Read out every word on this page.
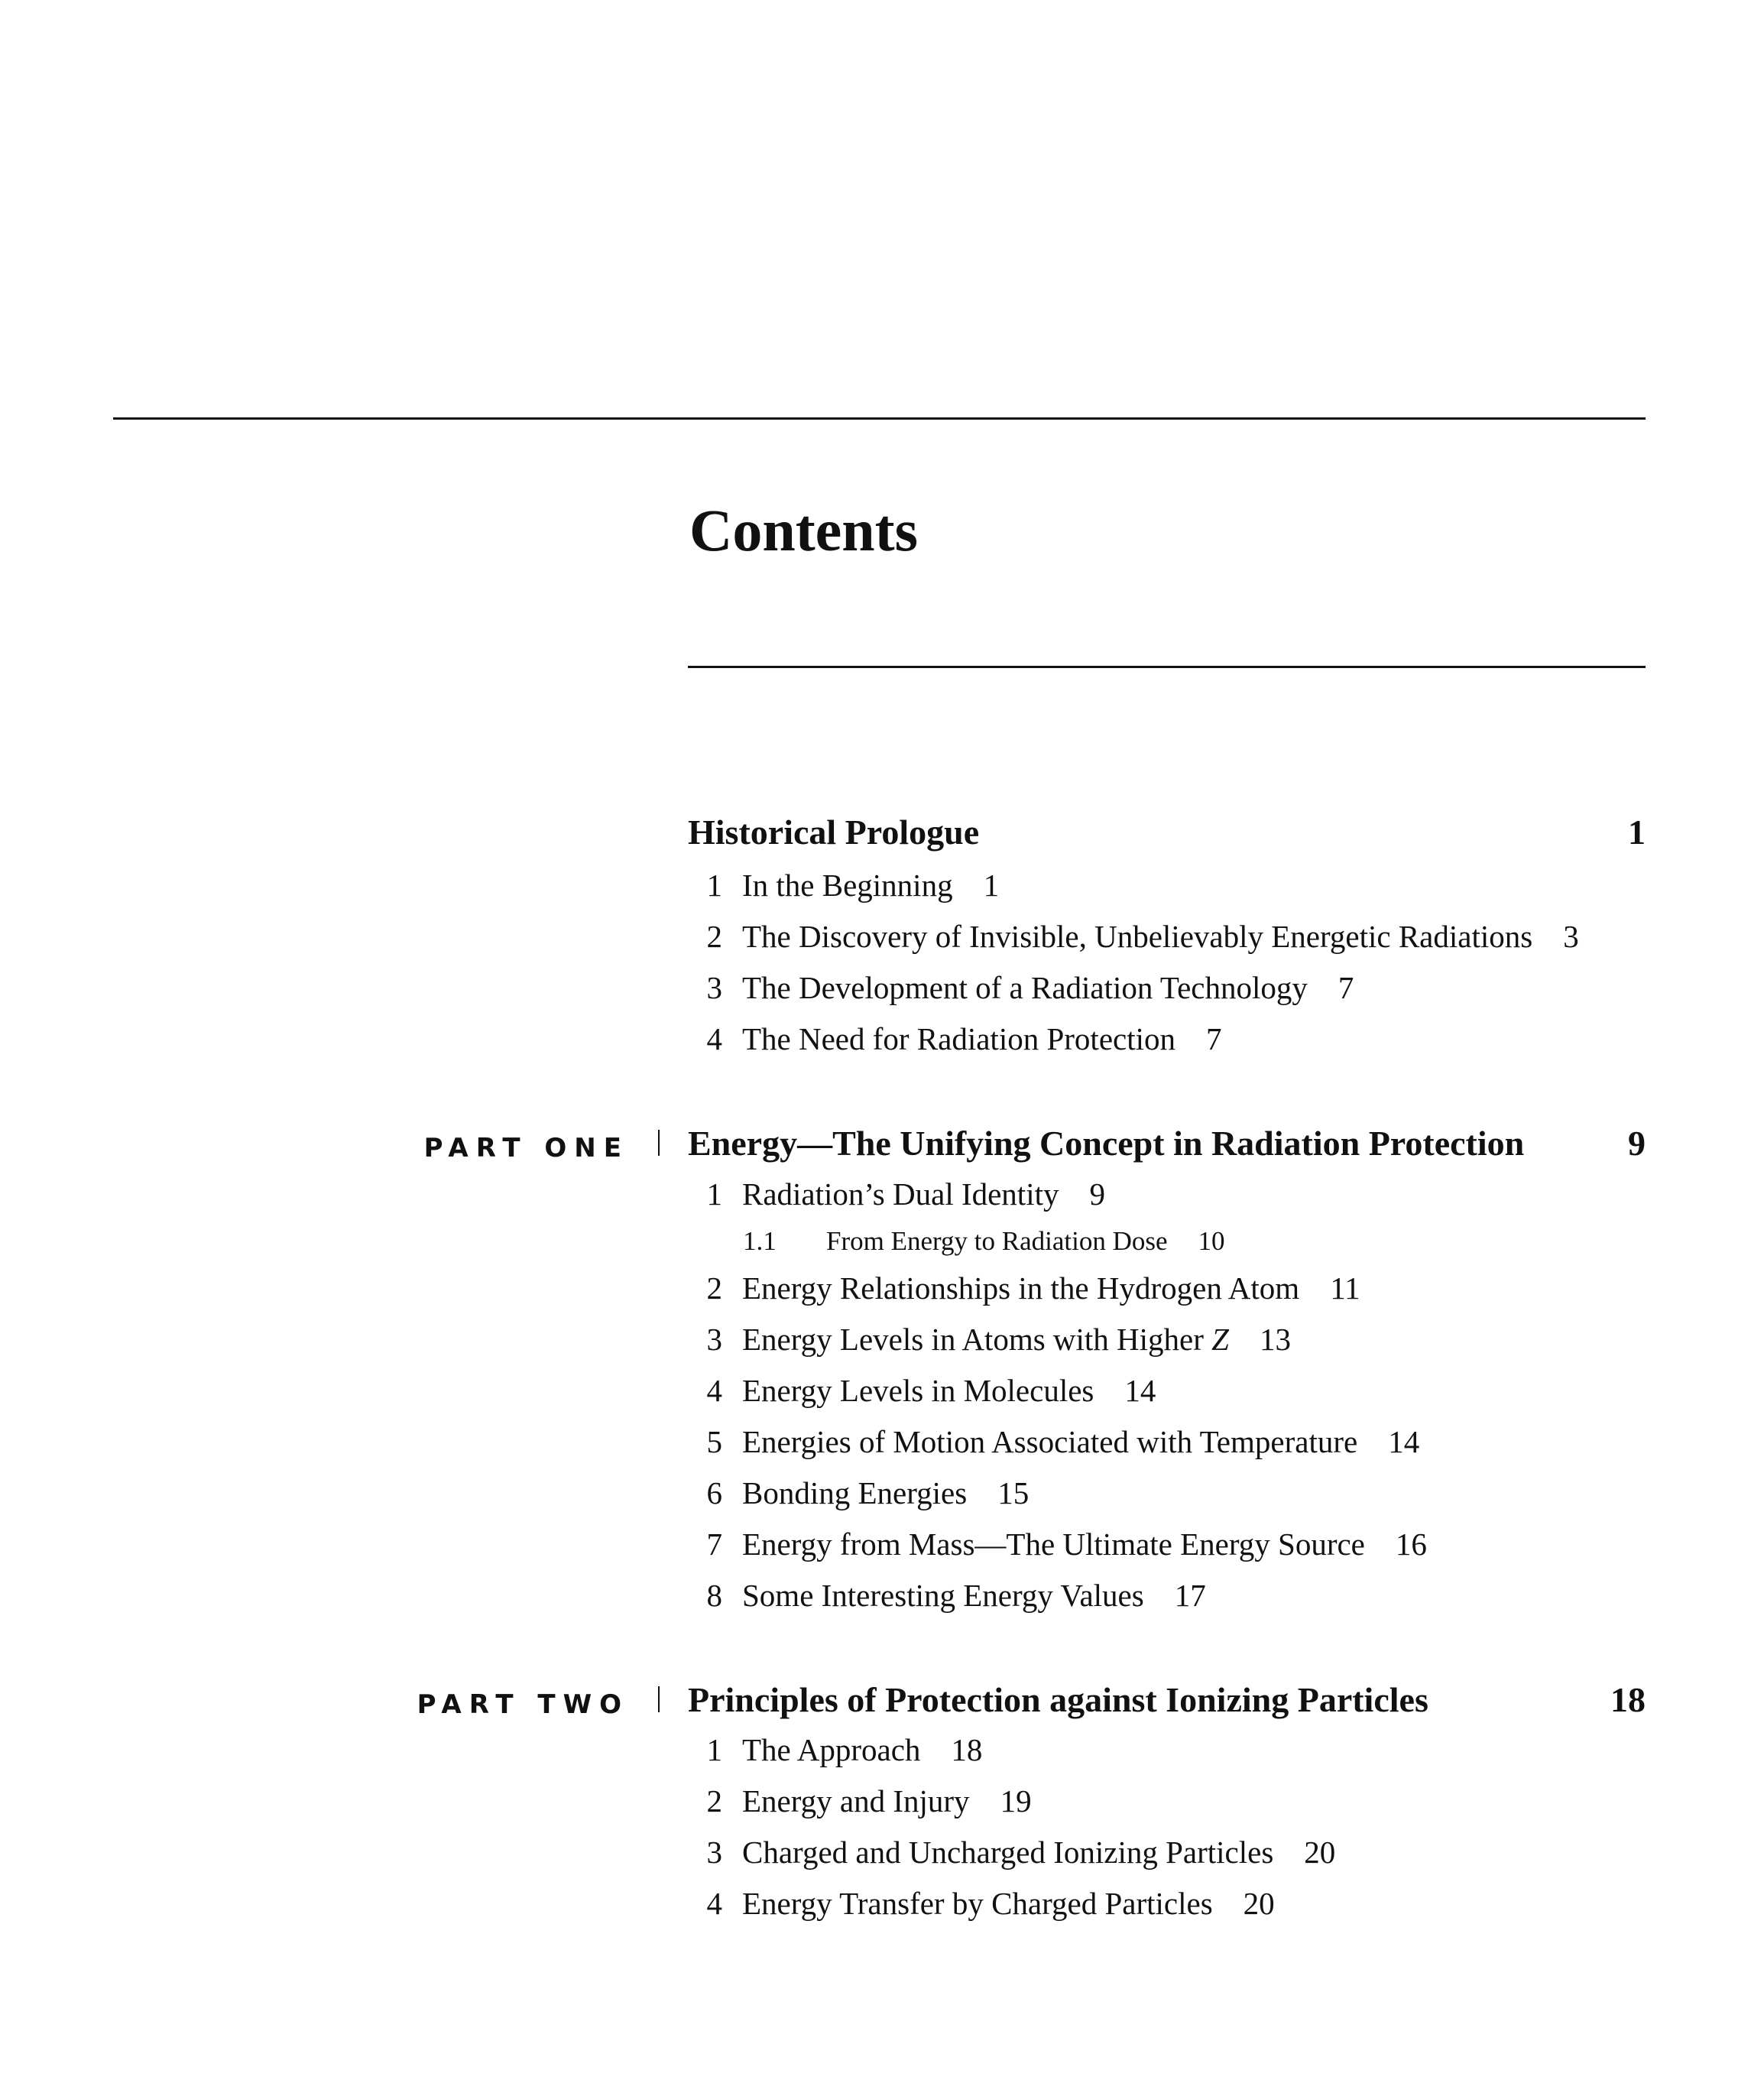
Contents
Historical Prologue	1
1 In the Beginning 1
2 The Discovery of Invisible, Unbelievably Energetic Radiations 3
3 The Development of a Radiation Technology 7
4 The Need for Radiation Protection 7
PART ONE Energy—The Unifying Concept in Radiation Protection	9
1 Radiation’s Dual Identity 9
1.1 From Energy to Radiation Dose 10
2 Energy Relationships in the Hydrogen Atom 11
3 Energy Levels in Atoms with Higher Z 13
4 Energy Levels in Molecules 14
5 Energies of Motion Associated with Temperature 14
6 Bonding Energies 15
7 Energy from Mass—The Ultimate Energy Source 16
8 Some Interesting Energy Values 17
PART TWO Principles of Protection against Ionizing Particles	18
1 The Approach 18
2 Energy and Injury 19
3 Charged and Uncharged Ionizing Particles 20
4 Energy Transfer by Charged Particles 20
